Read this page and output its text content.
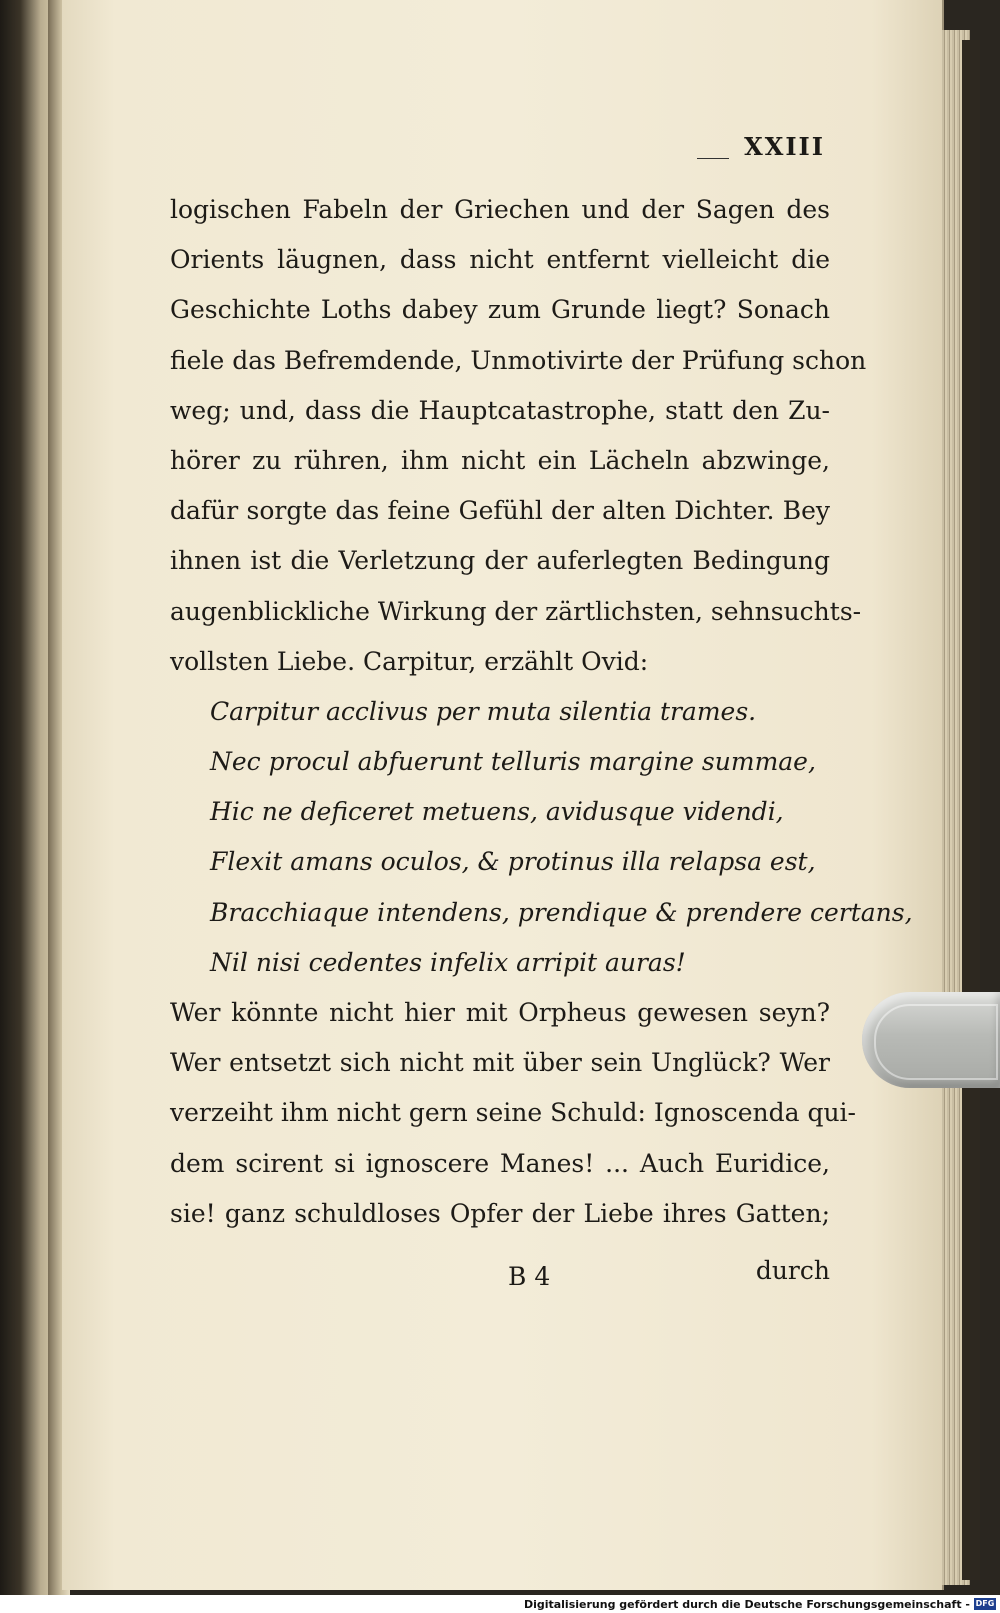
XXIII
logischen Fabeln der Griechen und der Sagen des
Orients läugnen, dass nicht entfernt vielleicht die
Geschichte Loths dabey zum Grunde liegt? Sonach
fiele das Befremdende, Unmotivirte der Prüfung schon
weg; und, dass die Hauptcatastrophe, statt den Zu-
hörer zu rühren, ihm nicht ein Lächeln abzwinge,
dafür sorgte das feine Gefühl der alten Dichter. Bey
ihnen ist die Verletzung der auferlegten Bedingung
augenblickliche Wirkung der zärtlichsten, sehnsuchts-
vollsten Liebe. Carpitur, erzählt Ovid:
Carpitur acclivus per muta silentia trames.
Nec procul abfuerunt telluris margine summae,
Hic ne deficeret metuens, avidusque videndi,
Flexit amans oculos, & protinus illa relapsa est,
Bracchiaque intendens, prendique & prendere certans,
Nil nisi cedentes infelix arripit auras!
Wer könnte nicht hier mit Orpheus gewesen seyn?
Wer entsetzt sich nicht mit über sein Unglück? Wer
verzeiht ihm nicht gern seine Schuld: Ignoscenda qui-
dem scirent si ignoscere Manes! ... Auch Euridice,
sie! ganz schuldloses Opfer der Liebe ihres Gatten;
B 4	durch
Digitalisierung gefördert durch die Deutsche Forschungsgemeinschaft - DFG
